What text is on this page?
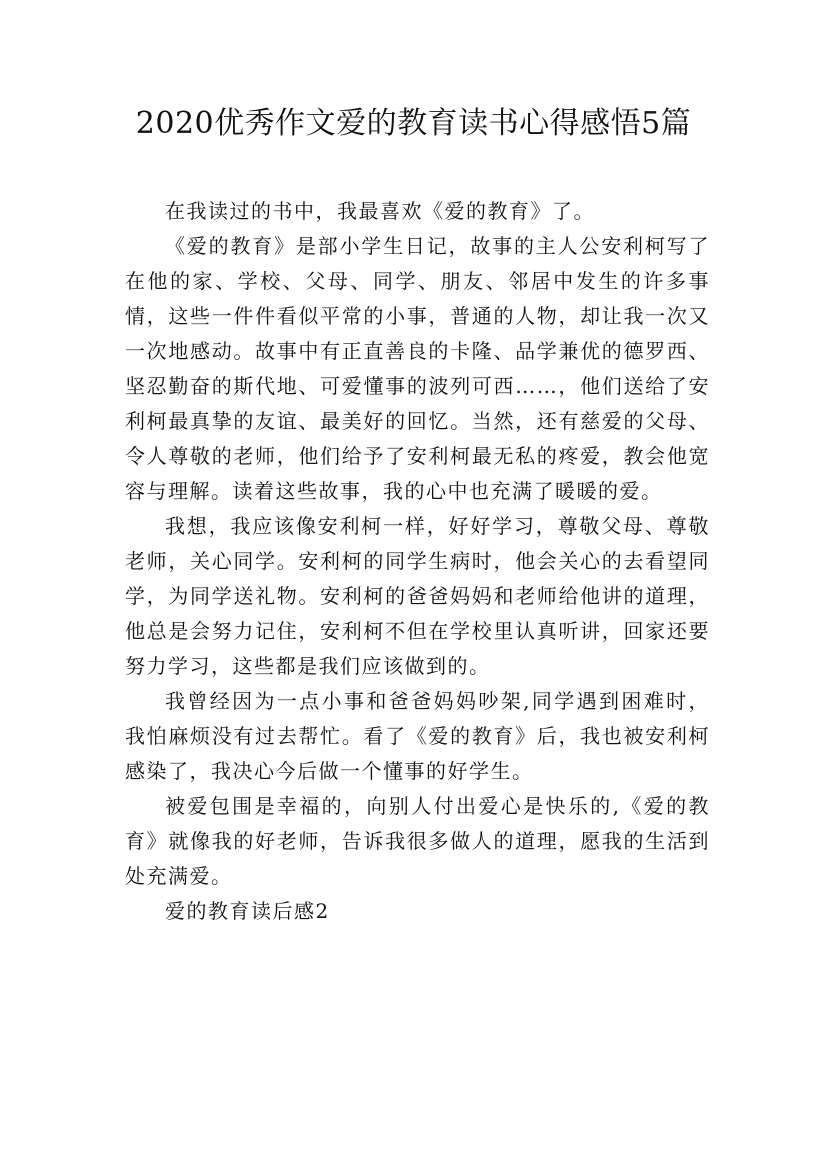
2020优秀作文爱的教育读书心得感悟5篇

在我读过的书中，我最喜欢《爱的教育》了。

《爱的教育》是部小学生日记，故事的主人公安利柯写了在他的家、学校、父母、同学、朋友、邻居中发生的许多事情，这些一件件看似平常的小事，普通的人物，却让我一次又一次地感动。故事中有正直善良的卡隆、品学兼优的德罗西、坚忍勤奋的斯代地、可爱懂事的波列可西……，他们送给了安利柯最真挚的友谊、最美好的回忆。当然，还有慈爱的父母、令人尊敬的老师，他们给予了安利柯最无私的疼爱，教会他宽容与理解。读着这些故事，我的心中也充满了暖暖的爱。

我想，我应该像安利柯一样，好好学习，尊敬父母、尊敬老师，关心同学。安利柯的同学生病时，他会关心的去看望同学，为同学送礼物。安利柯的爸爸妈妈和老师给他讲的道理，他总是会努力记住，安利柯不但在学校里认真听讲，回家还要努力学习，这些都是我们应该做到的。

我曾经因为一点小事和爸爸妈妈吵架,同学遇到困难时，我怕麻烦没有过去帮忙。看了《爱的教育》后，我也被安利柯感染了，我决心今后做一个懂事的好学生。

被爱包围是幸福的，向别人付出爱心是快乐的,《爱的教育》就像我的好老师，告诉我很多做人的道理，愿我的生活到处充满爱。

爱的教育读后感2
